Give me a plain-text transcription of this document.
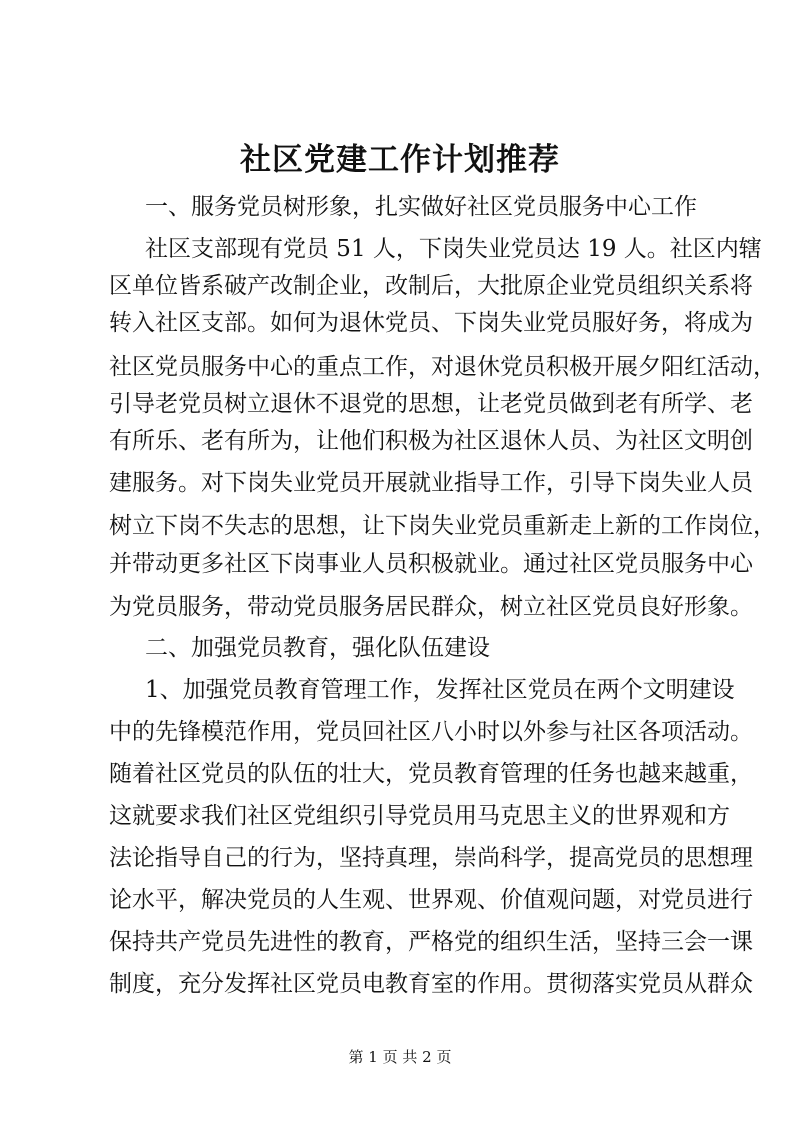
社区党建工作计划推荐
一、服务党员树形象，扎实做好社区党员服务中心工作
社区支部现有党员 51 人，下岗失业党员达 19 人。社区内辖
区单位皆系破产改制企业，改制后，大批原企业党员组织关系将
转入社区支部。如何为退休党员、下岗失业党员服好务，将成为
社区党员服务中心的重点工作，对退休党员积极开展夕阳红活动，
引导老党员树立退休不退党的思想，让老党员做到老有所学、老
有所乐、老有所为，让他们积极为社区退休人员、为社区文明创
建服务。对下岗失业党员开展就业指导工作，引导下岗失业人员
树立下岗不失志的思想，让下岗失业党员重新走上新的工作岗位，
并带动更多社区下岗事业人员积极就业。通过社区党员服务中心
为党员服务，带动党员服务居民群众，树立社区党员良好形象。
二、加强党员教育，强化队伍建设
1、加强党员教育管理工作，发挥社区党员在两个文明建设
中的先锋模范作用，党员回社区八小时以外参与社区各项活动。
随着社区党员的队伍的壮大，党员教育管理的任务也越来越重，
这就要求我们社区党组织引导党员用马克思主义的世界观和方
法论指导自己的行为，坚持真理，崇尚科学，提高党员的思想理
论水平，解决党员的人生观、世界观、价值观问题，对党员进行
保持共产党员先进性的教育，严格党的组织生活，坚持三会一课
制度，充分发挥社区党员电教育室的作用。贯彻落实党员从群众
第 1 页 共 2 页
